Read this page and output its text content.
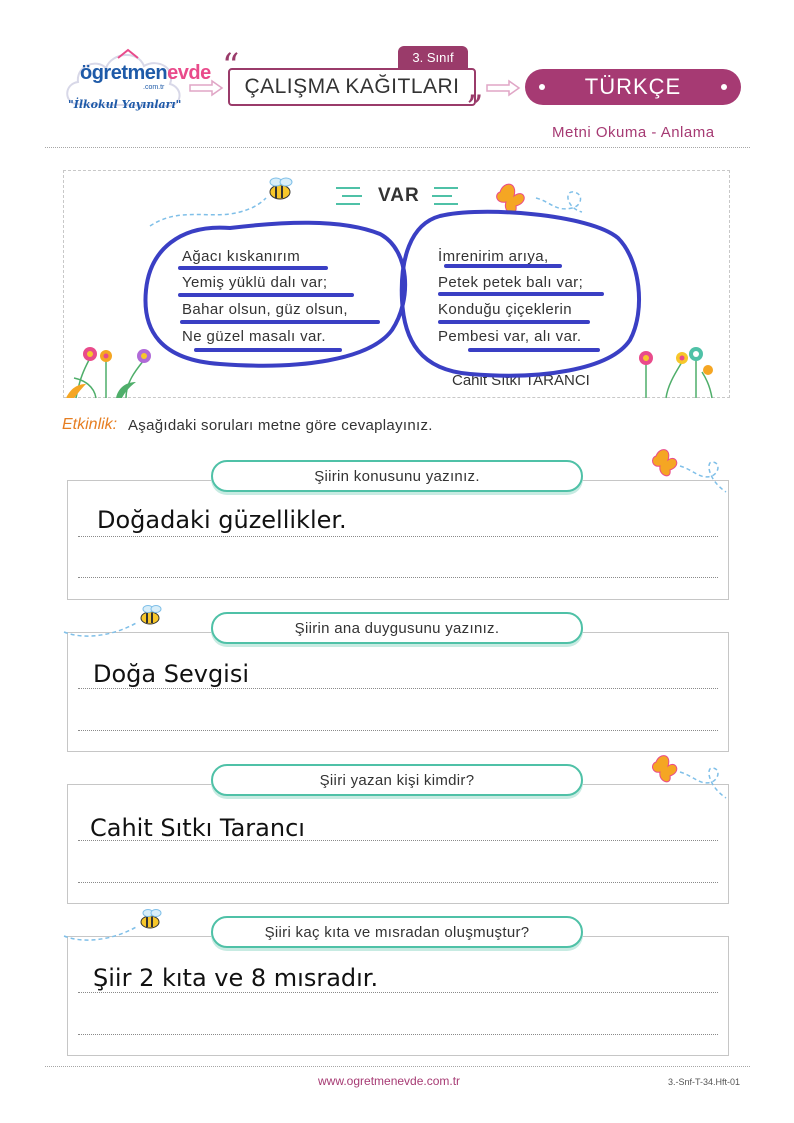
ögretmenevde
.com.tr
"İlkokul Yayınları"
“
”
3. Sınıf
ÇALIŞMA KAĞITLARI	TÜRKÇE
Metni Okuma - Anlama
VAR
Ağacı kıskanırım
Yemiş yüklü dalı var;
Bahar olsun, güz olsun,
Ne güzel masalı var.
İmrenirim arıya,
Petek petek balı var;
Konduğu çiçeklerin
Pembesi var, alı var.
Cahit Sıtkı TARANCI
Etkinlik: Aşağıdaki soruları metne göre cevaplayınız.
Şiirin konusunu yazınız.
Doğadaki güzellikler.
Şiirin ana duygusunu yazınız.
Doğa Sevgisi
Şiiri yazan kişi kimdir?
Cahit Sıtkı Tarancı
Şiiri kaç kıta ve mısradan oluşmuştur?
Şiir 2 kıta ve 8 mısradır.
www.ogretmenevde.com.tr	3.-Snf-T-34.Hft-01
